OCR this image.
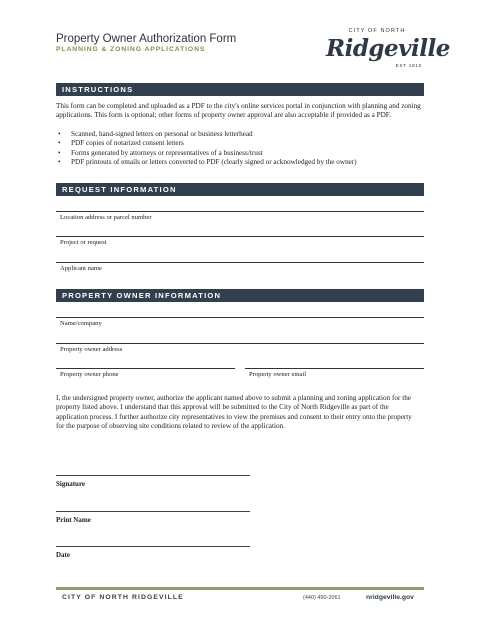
Property Owner Authorization Form
PLANNING & ZONING APPLICATIONS
CITY OF NORTH
Ridgeville
EST 1810
INSTRUCTIONS
This form can be completed and uploaded as a PDF to the city's online services portal in conjunction with planning and zoning applications. This form is optional; other forms of property owner approval are also acceptable if provided as a PDF.
• Scanned, hand-signed letters on personal or business letterhead
• PDF copies of notarized consent letters
• Forms generated by attorneys or representatives of a business/trust
• PDF printouts of emails or letters converted to PDF (clearly signed or acknowledged by the owner)
REQUEST INFORMATION
Location address or parcel number
Project or request
Applicant name
PROPERTY OWNER INFORMATION
Name/company
Property owner address
Property owner phone	Property owner email
I, the undersigned property owner, authorize the applicant named above to submit a planning and zoning application for the property listed above. I understand that this approval will be submitted to the City of North Ridgeville as part of the application process. I further authorize city representatives to view the premises and consent to their entry onto the property for the purpose of observing site conditions related to review of the application.
Signature
Print Name
Date
CITY OF NORTH RIDGEVILLE	(440) 490-2061	nridgeville.gov
